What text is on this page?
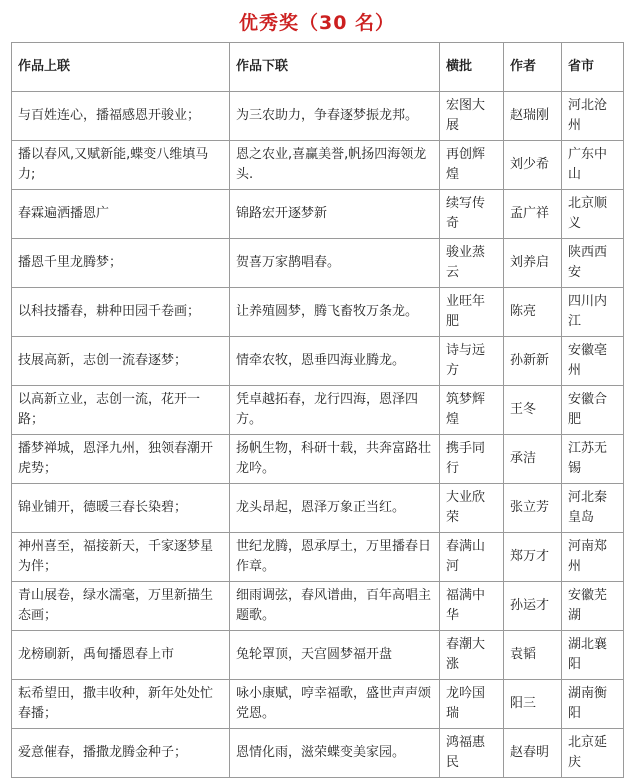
优秀奖（30 名）
作品上联	作品下联	横批	作者	省市
与百姓连心，播福感恩开骏业；	为三农助力，争春逐梦振龙邦。	宏图大展	赵瑞刚	河北沧州
播以春风,又赋新能,蝶变八维填马力;	恩之农业,喜赢美誉,帆扬四海领龙头.	再创辉煌	刘少希	广东中山
春霖遍洒播恩广	锦路宏开逐梦新	续写传奇	孟广祥	北京顺义
播恩千里龙腾梦；	贺喜万家鹊唱春。	骏业蒸云	刘养启	陕西西安
以科技播春，耕种田园千卷画；	让养殖圆梦，腾飞畜牧万条龙。	业旺年肥	陈亮	四川内江
技展高新，志创一流春逐梦；	情牵农牧，恩垂四海业腾龙。	诗与远方	孙新新	安徽亳州
以高新立业，志创一流，花开一路；	凭卓越拓春，龙行四海，恩泽四方。	筑梦辉煌	王冬	安徽合肥
播梦禅城，恩泽九州，独领春潮开虎势；	扬帆生物，科研十载，共奔富路壮龙吟。	携手同行	承洁	江苏无锡
锦业铺开，德暖三春长染碧；	龙头昂起，恩泽万象正当红。	大业欣荣	张立芳	河北秦皇岛
神州喜至，福接新天，千家逐梦星为伴；	世纪龙腾，恩承厚土，万里播春日作章。	春满山河	郑万才	河南郑州
青山展卷，绿水濡毫，万里新描生态画；	细雨调弦，春风谱曲，百年高唱主题歌。	福满中华	孙运才	安徽芜湖
龙榜刷新，禹甸播恩春上市	兔轮罩顶，天宫圆梦福开盘	春潮大涨	袁韬	湖北襄阳
耘希望田，撒丰收种，新年处处忙春播；	咏小康赋，哼幸福歌，盛世声声颂党恩。	龙吟国瑞	阳三	湖南衡阳
爱意催春，播撒龙腾金种子；	恩情化雨，滋荣蝶变美家园。	鸿福惠民	赵春明	北京延庆
